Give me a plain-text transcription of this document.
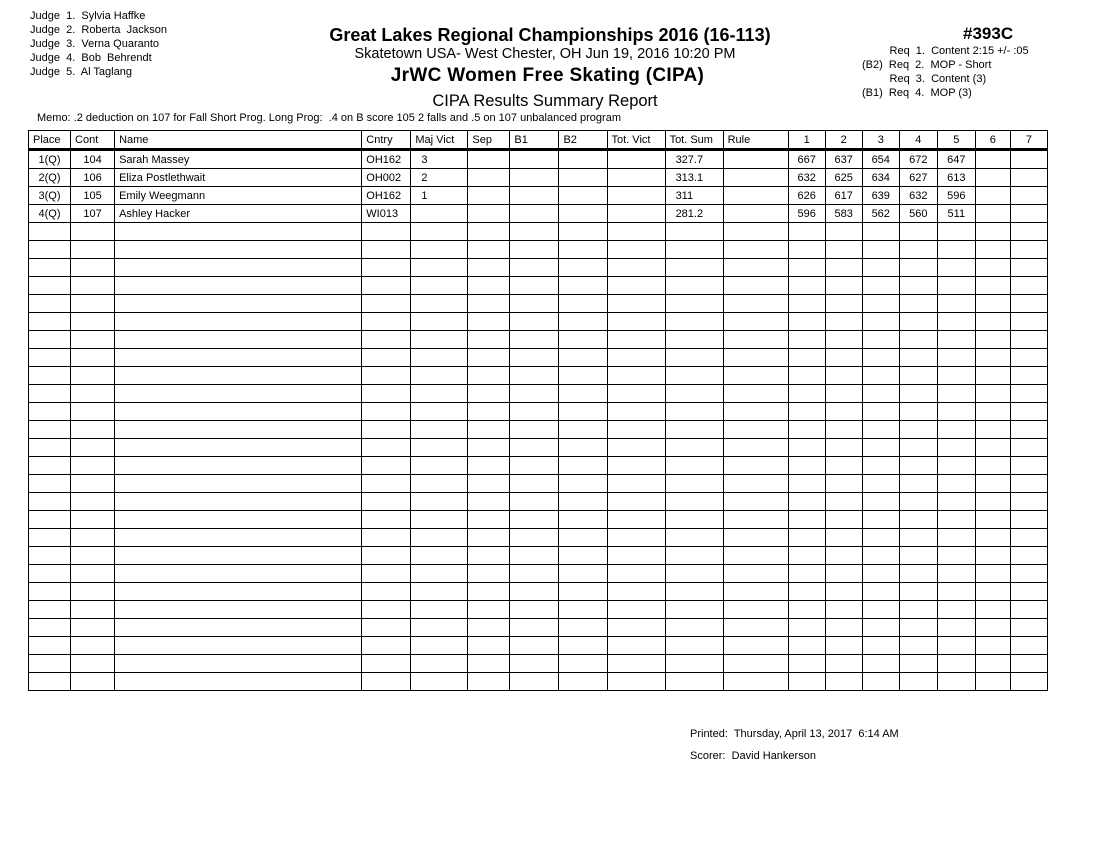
Judge  1.  Sylvia Haffke
Judge  2.  Roberta  Jackson
Judge  3.  Verna Quaranto
Judge  4.  Bob  Behrendt
Judge  5.  Al Taglang
Great Lakes Regional Championships 2016 (16-113)
Skatetown USA- West Chester, OH Jun 19, 2016 10:20 PM
JrWC Women Free Skating (CIPA)
CIPA Results Summary Report
#393C
Req  1.  Content 2:15 +/- :05
(B2)  Req  2.  MOP - Short
Req  3.  Content (3)
(B1)  Req  4.  MOP (3)
Memo: .2 deduction on 107 for Fall Short Prog. Long Prog:  .4 on B score 105 2 falls and .5 on 107 unbalanced program
Place	Cont	Name	Cntry	Maj Vict	Sep	B1	B2	Tot. Vict	Tot. Sum	Rule	1	2	3	4	5	6	7
1(Q)	104	Sarah Massey	OH162	3					327.7		667	637	654	672	647		
2(Q)	106	Eliza Postlethwait	OH002	2					313.1		632	625	634	627	613		
3(Q)	105	Emily Weegmann	OH162	1					311		626	617	639	632	596		
4(Q)	107	Ashley Hacker	WI013						281.2		596	583	562	560	511		

Printed:  Thursday, April 13, 2017  6:14 AM
Scorer:  David Hankerson
